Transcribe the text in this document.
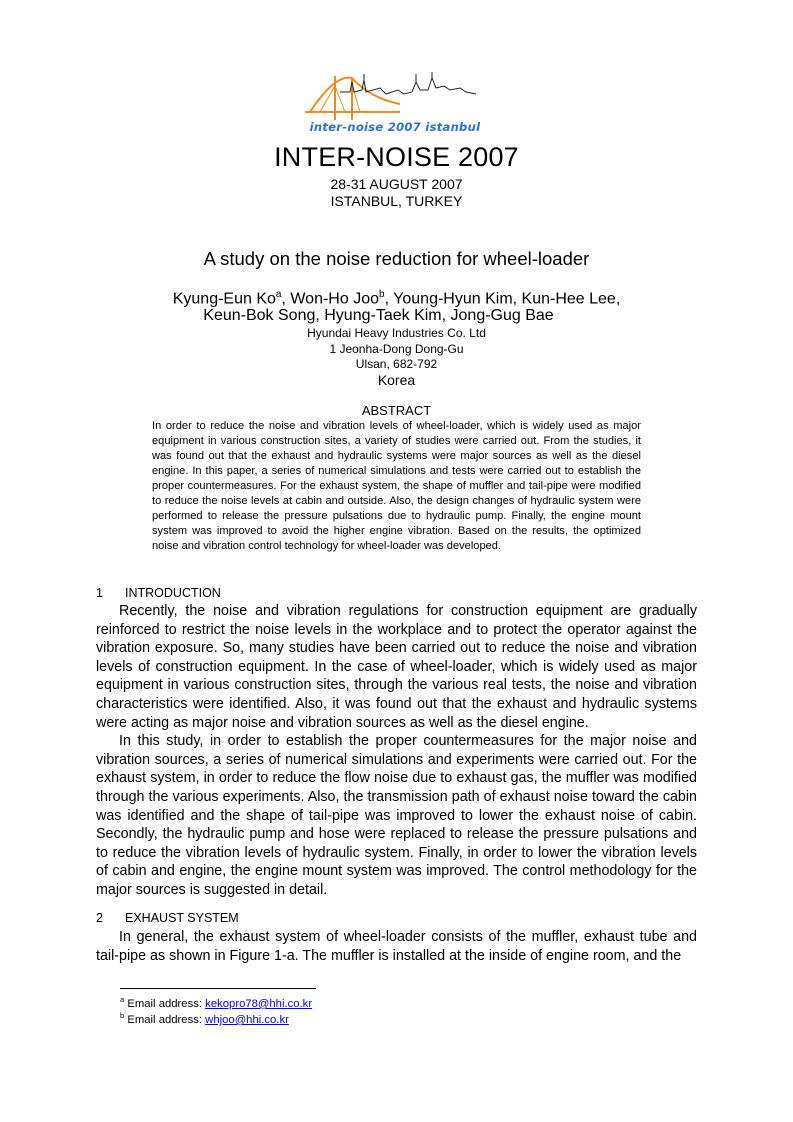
inter-noise 2007 istanbul
INTER-NOISE 2007
28-31 AUGUST 2007
ISTANBUL, TURKEY
A study on the noise reduction for wheel-loader
Kyung-Eun Ko$^a$, Won-Ho Joo$^b$, Young-Hyun Kim, Kun-Hee Lee,
Keun-Bok Song, Hyung-Taek Kim, Jong-Gug Bae
Hyundai Heavy Industries Co. Ltd
1 Jeonha-Dong Dong-Gu
Ulsan, 682-792
Korea
ABSTRACT
In order to reduce the noise and vibration levels of wheel-loader, which is widely used as major equipment in various construction sites, a variety of studies were carried out. From the studies, it was found out that the exhaust and hydraulic systems were major sources as well as the diesel engine. In this paper, a series of numerical simulations and tests were carried out to establish the proper countermeasures. For the exhaust system, the shape of muffler and tail-pipe were modified to reduce the noise levels at cabin and outside. Also, the design changes of hydraulic system were performed to release the pressure pulsations due to hydraulic pump. Finally, the engine mount system was improved to avoid the higher engine vibration. Based on the results, the optimized noise and vibration control technology for wheel-loader was developed.
1 INTRODUCTION

Recently, the noise and vibration regulations for construction equipment are gradually reinforced to restrict the noise levels in the workplace and to protect the operator against the vibration exposure. So, many studies have been carried out to reduce the noise and vibration levels of construction equipment. In the case of wheel-loader, which is widely used as major equipment in various construction sites, through the various real tests, the noise and vibration characteristics were identified. Also, it was found out that the exhaust and hydraulic systems were acting as major noise and vibration sources as well as the diesel engine.

In this study, in order to establish the proper countermeasures for the major noise and vibration sources, a series of numerical simulations and experiments were carried out. For the exhaust system, in order to reduce the flow noise due to exhaust gas, the muffler was modified through the various experiments. Also, the transmission path of exhaust noise toward the cabin was identified and the shape of tail-pipe was improved to lower the exhaust noise of cabin. Secondly, the hydraulic pump and hose were replaced to release the pressure pulsations and to reduce the vibration levels of hydraulic system. Finally, in order to lower the vibration levels of cabin and engine, the engine mount system was improved. The control methodology for the major sources is suggested in detail.

2 EXHAUST SYSTEM

In general, the exhaust system of wheel-loader consists of the muffler, exhaust tube and tail-pipe as shown in Figure 1-a. The muffler is installed at the inside of engine room, and the

$^a$ Email address: kekopro78@hhi.co.kr
$^b$ Email address: whjoo@hhi.co.kr
